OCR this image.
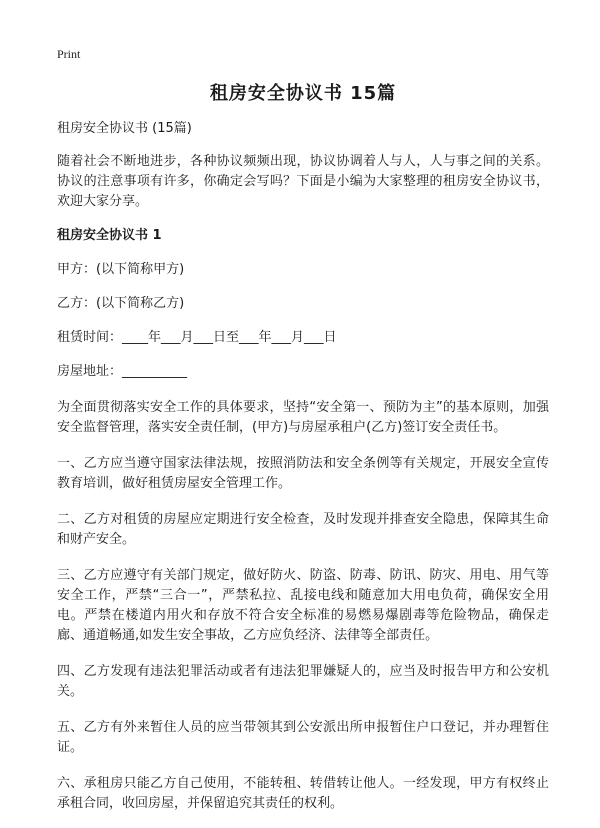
Print
租房安全协议书 15篇

租房安全协议书 (15篇)

随着社会不断地进步，各种协议频频出现，协议协调着人与人，人与事之间的关系。协议的注意事项有许多，你确定会写吗？下面是小编为大家整理的租房安全协议书，欢迎大家分享。

租房安全协议书 1

甲方：(以下简称甲方)

乙方：(以下简称乙方)

租赁时间：____年___月___日至___年___月___日

房屋地址：__________

为全面贯彻落实安全工作的具体要求，坚持“安全第一、预防为主”的基本原则，加强安全监督管理，落实安全责任制，(甲方)与房屋承租户(乙方)签订安全责任书。

一、乙方应当遵守国家法律法规，按照消防法和安全条例等有关规定，开展安全宣传教育培训，做好租赁房屋安全管理工作。

二、乙方对租赁的房屋应定期进行安全检查，及时发现并排查安全隐患，保障其生命和财产安全。

三、乙方应遵守有关部门规定，做好防火、防盗、防毒、防讯、防灾、用电、用气等安全工作，严禁“三合一”，严禁私拉、乱接电线和随意加大用电负荷，确保安全用电。严禁在楼道内用火和存放不符合安全标准的易燃易爆剧毒等危险物品，确保走廊、通道畅通,如发生安全事故，乙方应负经济、法律等全部责任。

四、乙方发现有违法犯罪活动或者有违法犯罪嫌疑人的，应当及时报告甲方和公安机关。

五、乙方有外来暂住人员的应当带领其到公安派出所申报暂住户口登记，并办理暂住证。

六、承租房只能乙方自己使用，不能转租、转借转让他人。一经发现，甲方有权终止承租合同，收回房屋，并保留追究其责任的权利。
